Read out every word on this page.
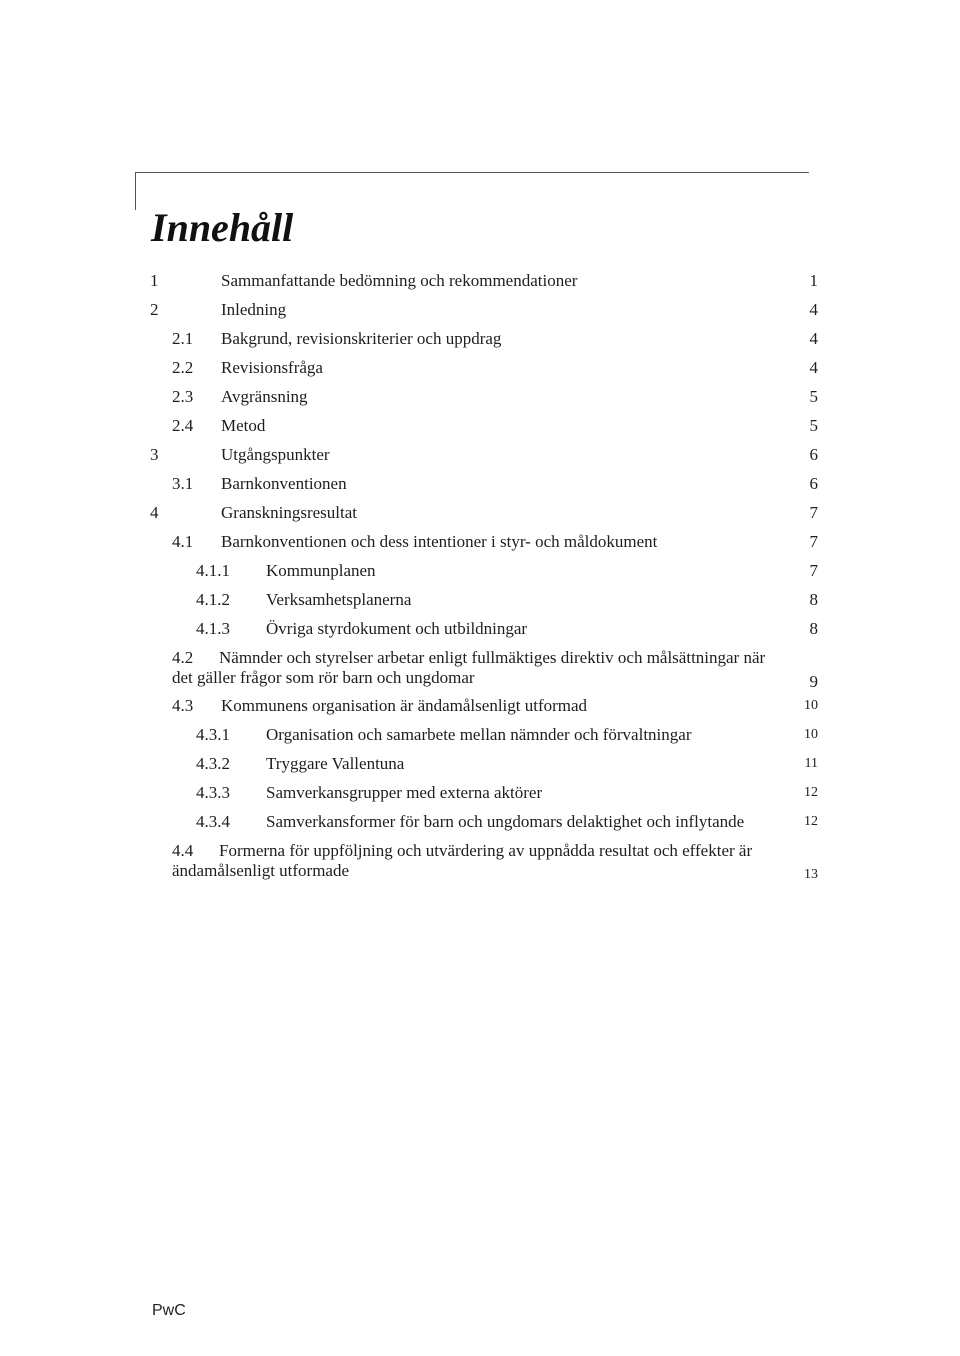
Innehåll
1	Sammanfattande bedömning och rekommendationer	1
2	Inledning	4
2.1 Bakgrund, revisionskriterier och uppdrag	4
2.2 Revisionsfråga	4
2.3 Avgränsning	5
2.4 Metod	5
3	Utgångspunkter	6
3.1 Barnkonventionen	6
4	Granskningsresultat	7
4.1 Barnkonventionen och dess intentioner i styr- och måldokument	7
4.1.1 Kommunplanen	7
4.1.2 Verksamhetsplanerna	8
4.1.3 Övriga styrdokument och utbildningar	8
4.2 Nämnder och styrelser arbetar enligt fullmäktiges direktiv och målsättningar när
det gäller frågor som rör barn och ungdomar	9
4.3 Kommunens organisation är ändamålsenligt utformad	10
4.3.1 Organisation och samarbete mellan nämnder och förvaltningar	10
4.3.2 Tryggare Vallentuna	11
4.3.3 Samverkansgrupper med externa aktörer	12
4.3.4 Samverkansformer för barn och ungdomars delaktighet och inflytande	12
4.4 Formerna för uppföljning och utvärdering av uppnådda resultat och effekter är
ändamålsenligt utformade	13
PwC
